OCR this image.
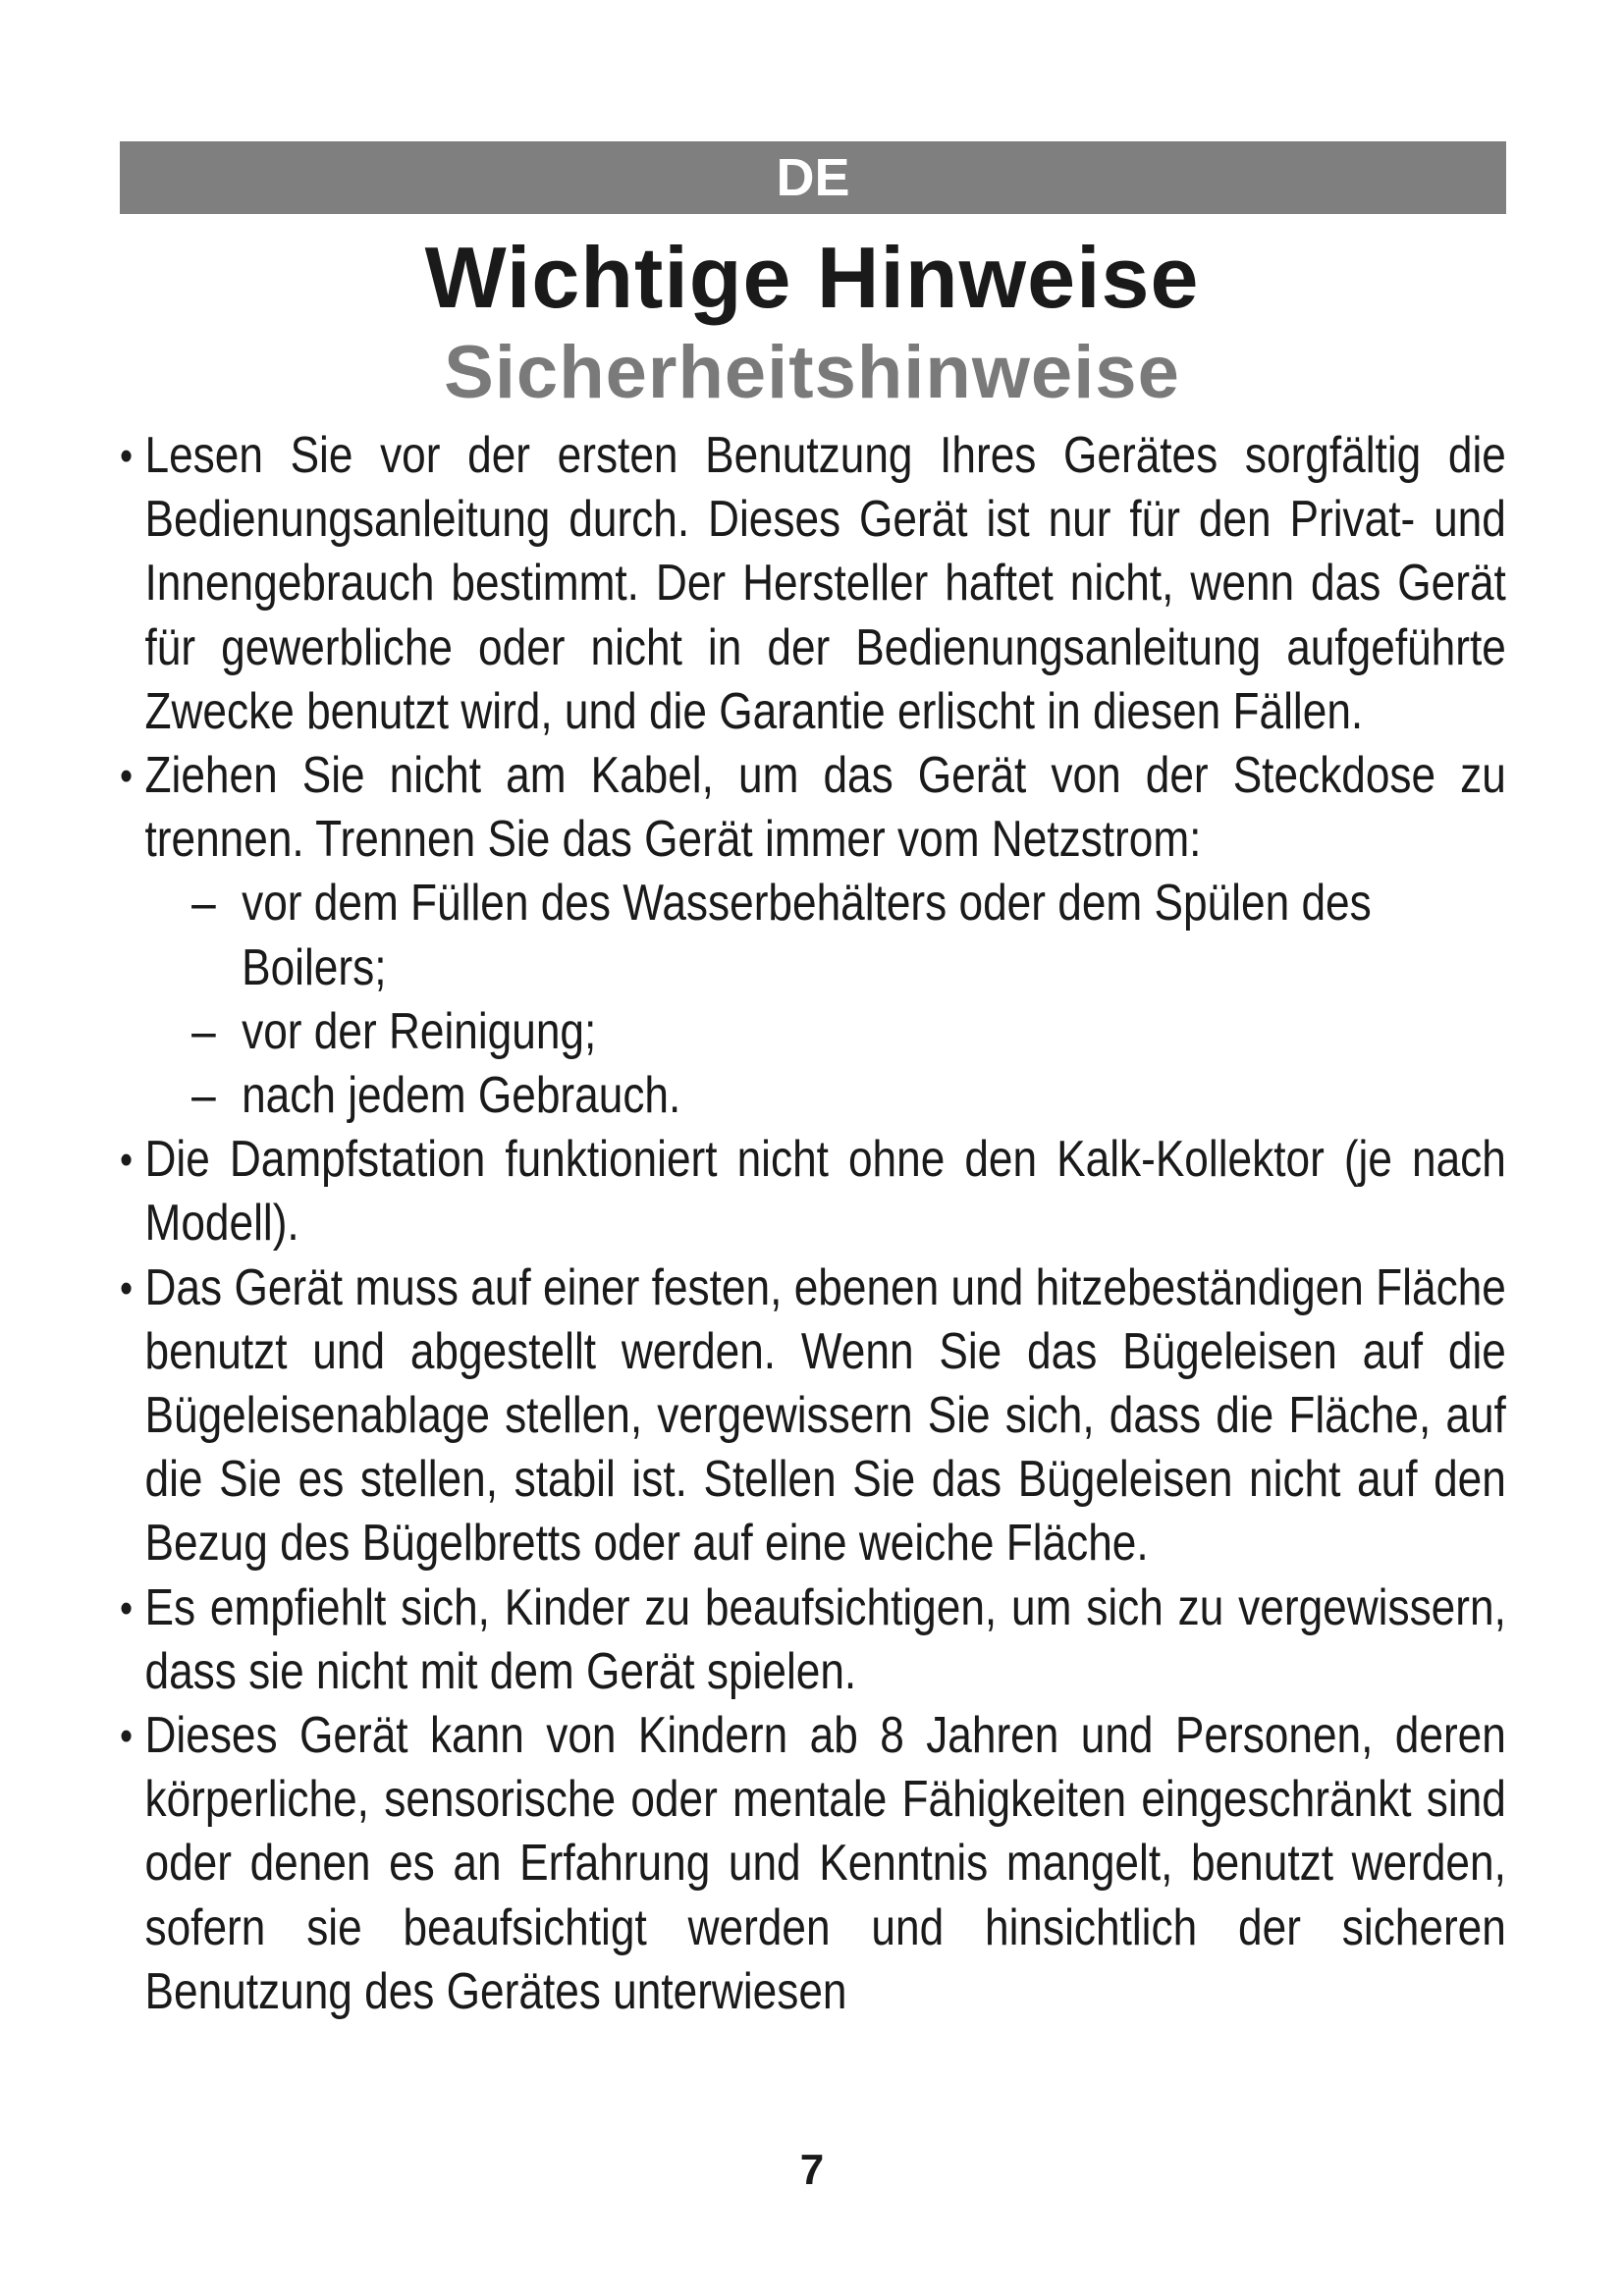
DE
Wichtige Hinweise
Sicherheitshinweise
• Lesen Sie vor der ersten Benutzung Ihres Gerätes sorgfältig die Bedienungsanleitung durch. Dieses Gerät ist nur für den Privat- und Innengebrauch bestimmt. Der Hersteller haftet nicht, wenn das Gerät für gewerbliche oder nicht in der Bedienungsanleitung aufgeführte Zwecke benutzt wird, und die Garantie erlischt in diesen Fällen.
• Ziehen Sie nicht am Kabel, um das Gerät von der Steckdose zu trennen. Trennen Sie das Gerät immer vom Netzstrom:
– vor dem Füllen des Wasserbehälters oder dem Spülen des Boilers;
– vor der Reinigung;
– nach jedem Gebrauch.
• Die Dampfstation funktioniert nicht ohne den Kalk-Kollektor (je nach Modell).
• Das Gerät muss auf einer festen, ebenen und hitzebeständigen Fläche benutzt und abgestellt werden. Wenn Sie das Bügeleisen auf die Bügeleisenablage stellen, vergewissern Sie sich, dass die Fläche, auf die Sie es stellen, stabil ist. Stellen Sie das Bügeleisen nicht auf den Bezug des Bügelbretts oder auf eine weiche Fläche.
• Es empfiehlt sich, Kinder zu beaufsichtigen, um sich zu vergewissern, dass sie nicht mit dem Gerät spielen.
• Dieses Gerät kann von Kindern ab 8 Jahren und Personen, deren körperliche, sensorische oder mentale Fähigkeiten eingeschränkt sind oder denen es an Erfahrung und Kenntnis mangelt, benutzt werden, sofern sie beaufsichtigt werden und hinsichtlich der sicheren Benutzung des Gerätes unterwiesen
7
